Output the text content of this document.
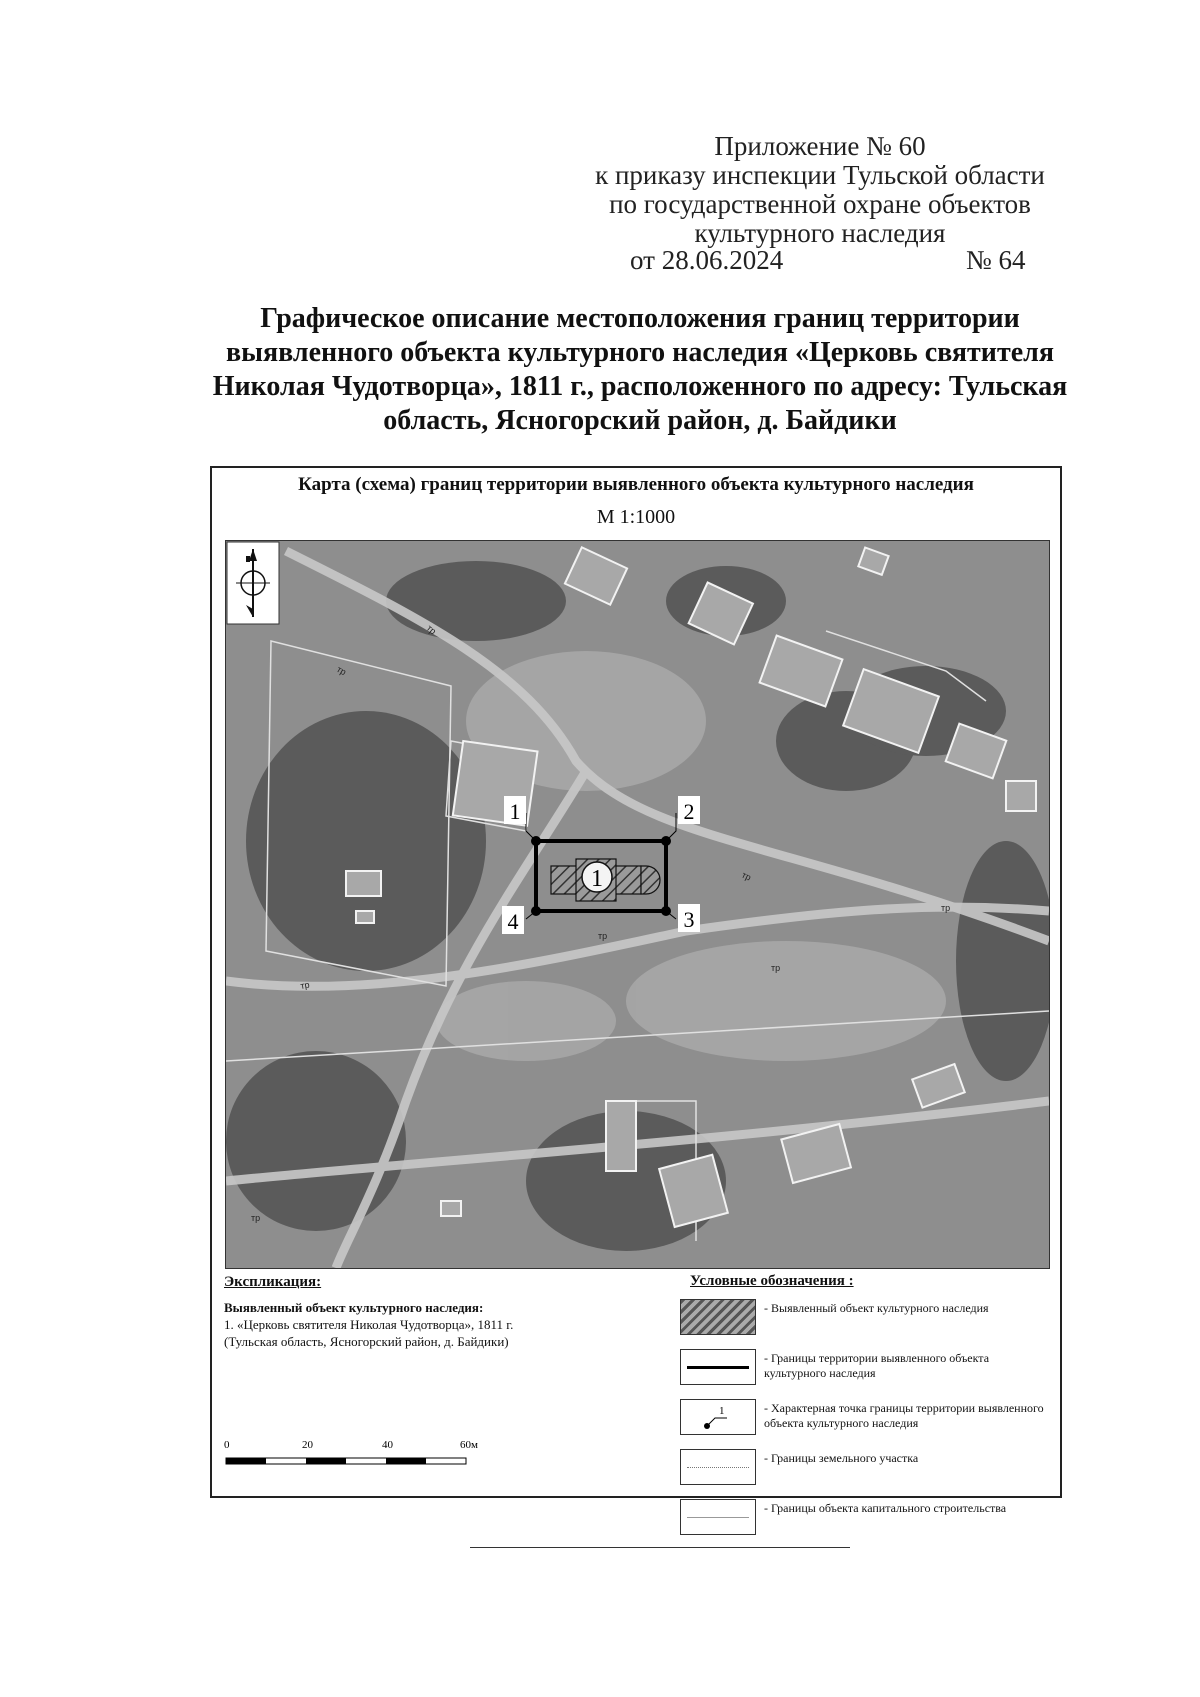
Приложение № 60
к приказу инспекции Тульской области
по государственной охране объектов
культурного наследия
от 28.06.2024	№ 64
Графическое описание местоположения границ территории выявленного объекта культурного наследия «Церковь святителя Николая Чудотворца», 1811 г., расположенного по адресу: Тульская область, Ясногорский район, д. Байдики
Карта (схема) границ территории выявленного объекта культурного наследия
М 1:1000
тр
тр
тр
тр
тр
тр
тр
тр
1
1	2
3
4
Экспликация:
Выявленный объект культурного наследия:
1. «Церковь святителя Николая Чудотворца», 1811 г.
(Тульская область, Ясногорский район, д. Байдики)
Условные обозначения :
- Выявленный объект культурного наследия
- Границы территории выявленного объекта культурного наследия
1	- Характерная точка границы территории выявленного объекта культурного наследия
- Границы земельного участка
- Границы объекта капитального строительства
0	20	40	60м
